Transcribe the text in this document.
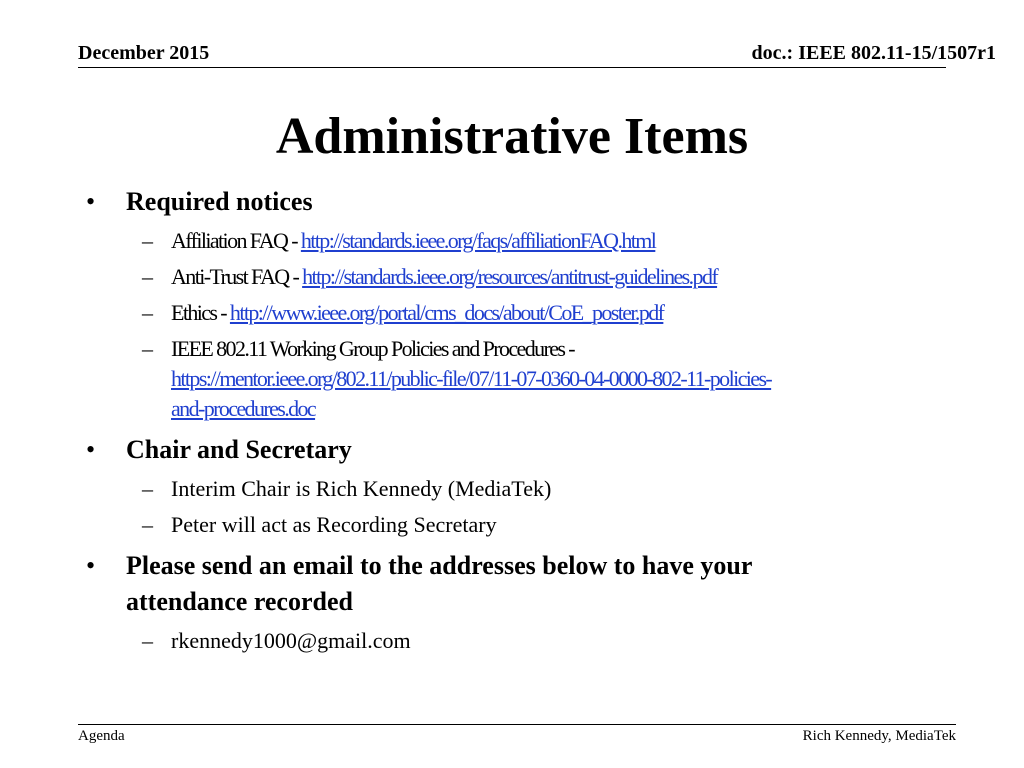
December 2015	doc.: IEEE 802.11-15/1507r1
Administrative Items
• Required notices
– Affiliation FAQ - http://standards.ieee.org/faqs/affiliationFAQ.html
– Anti-Trust FAQ - http://standards.ieee.org/resources/antitrust-guidelines.pdf
– Ethics - http://www.ieee.org/portal/cms_docs/about/CoE_poster.pdf
– IEEE 802.11 Working Group Policies and Procedures -
https://mentor.ieee.org/802.11/public-file/07/11-07-0360-04-0000-802-11-policies-
and-procedures.doc
• Chair and Secretary
– Interim Chair is Rich Kennedy (MediaTek)
– Peter will act as Recording Secretary
• Please send an email to the addresses below to have your
attendance recorded
– rkennedy1000@gmail.com
Agenda	Rich Kennedy, MediaTek
